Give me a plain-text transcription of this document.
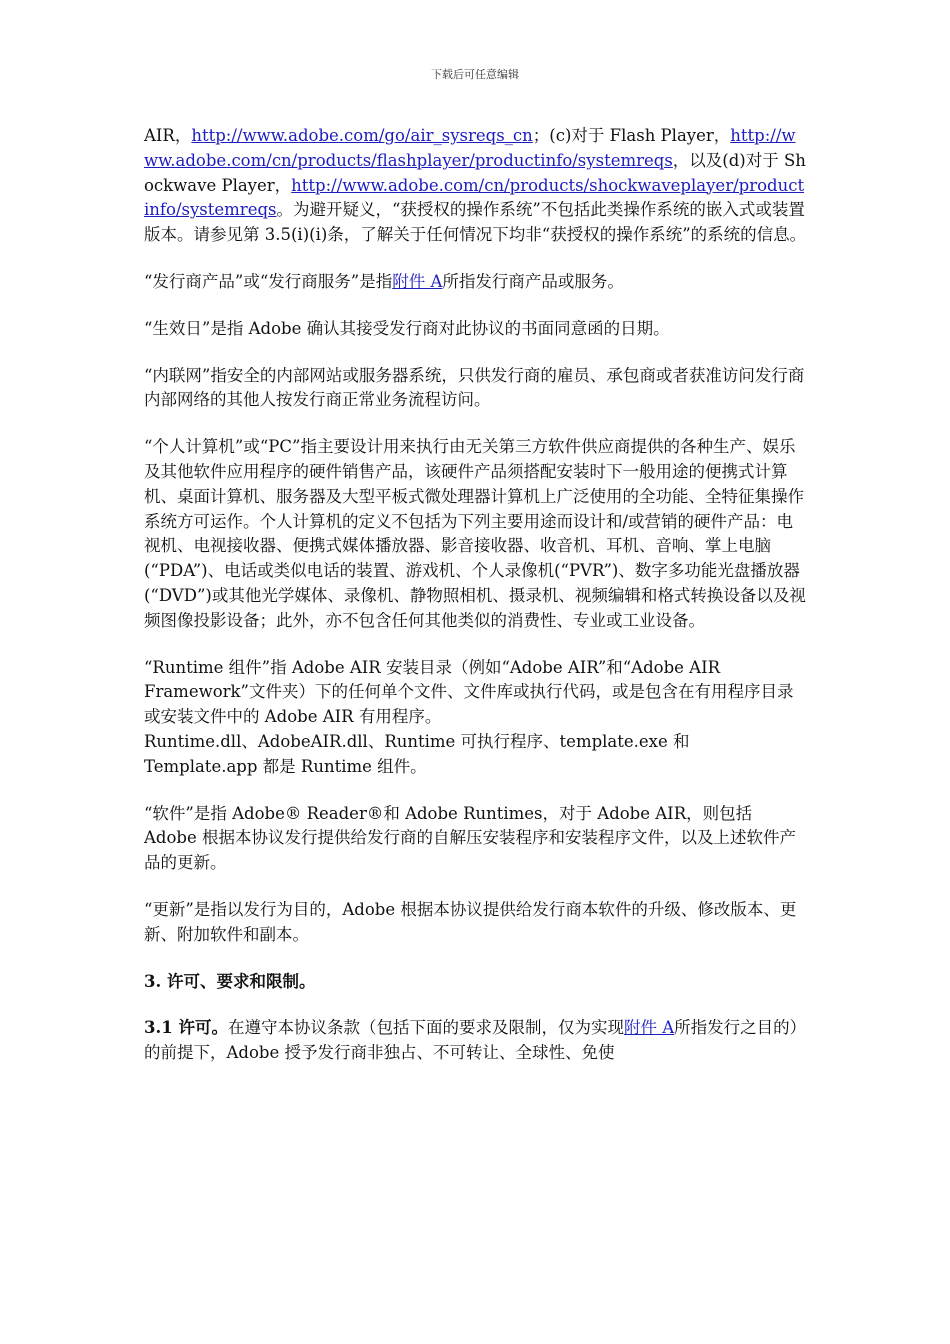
下载后可任意编辑

AIR，http://www.adobe.com/go/air_sysreqs_cn；(c)对于 Flash Player，http://www.adobe.com/cn/products/flashplayer/productinfo/systemreqs，以及(d)对于 Shockwave Player，http://www.adobe.com/cn/products/shockwaveplayer/productinfo/systemreqs。为避开疑义，“获授权的操作系统”不包括此类操作系统的嵌入式或装置版本。请参见第 3.5(i)(i)条，了解关于任何情况下均非“获授权的操作系统”的系统的信息。

“发行商产品”或“发行商服务”是指附件 A所指发行商产品或服务。

“生效日”是指 Adobe 确认其接受发行商对此协议的书面同意函的日期。

“内联网”指安全的内部网站或服务器系统，只供发行商的雇员、承包商或者获准访问发行商内部网络的其他人按发行商正常业务流程访问。

“个人计算机”或“PC”指主要设计用来执行由无关第三方软件供应商提供的各种生产、娱乐及其他软件应用程序的硬件销售产品，该硬件产品须搭配安装时下一般用途的便携式计算机、桌面计算机、服务器及大型平板式微处理器计算机上广泛使用的全功能、全特征集操作系统方可运作。个人计算机的定义不包括为下列主要用途而设计和/或营销的硬件产品：电视机、电视接收器、便携式媒体播放器、影音接收器、收音机、耳机、音响、掌上电脑(“PDA”)、电话或类似电话的装置、游戏机、个人录像机(“PVR”)、数字多功能光盘播放器(“DVD”)或其他光学媒体、录像机、静物照相机、摄录机、视频编辑和格式转换设备以及视频图像投影设备；此外，亦不包含任何其他类似的消费性、专业或工业设备。

“Runtime 组件”指 Adobe AIR 安装目录（例如“Adobe AIR”和“Adobe AIR Framework”文件夹）下的任何单个文件、文件库或执行代码，或是包含在有用程序目录或安装文件中的 Adobe AIR 有用程序。

Runtime.dll、AdobeAIR.dll、Runtime 可执行程序、template.exe 和 Template.app 都是 Runtime 组件。

“软件”是指 Adobe® Reader®和 Adobe Runtimes，对于 Adobe AIR，则包括 Adobe 根据本协议发行提供给发行商的自解压安装程序和安装程序文件，以及上述软件产品的更新。

“更新”是指以发行为目的，Adobe 根据本协议提供给发行商本软件的升级、修改版本、更新、附加软件和副本。

3. 许可、要求和限制。

3.1 许可。在遵守本协议条款（包括下面的要求及限制，仅为实现附件 A所指发行之目的）的前提下，Adobe 授予发行商非独占、不可转让、全球性、免使
